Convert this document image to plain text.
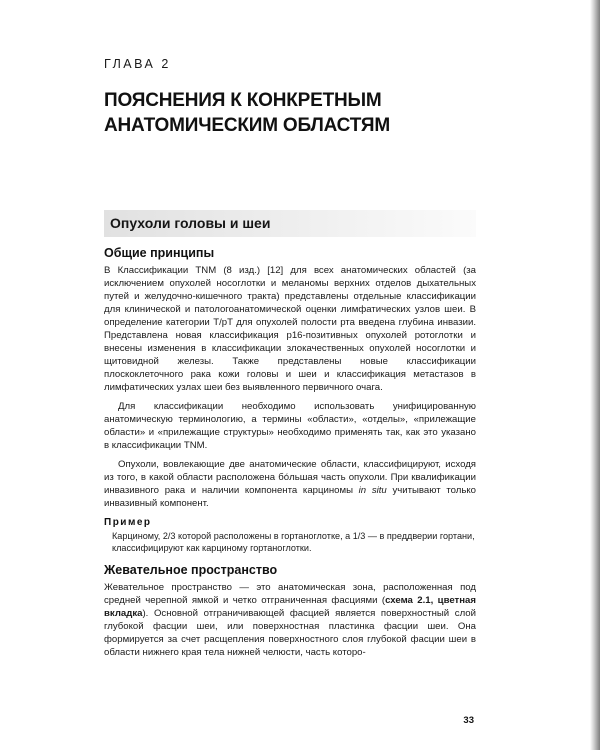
ГЛАВА 2
ПОЯСНЕНИЯ К КОНКРЕТНЫМ АНАТОМИЧЕСКИМ ОБЛАСТЯМ
Опухоли головы и шеи
Общие принципы

В Классификации TNM (8 изд.) [12] для всех анатомических областей (за исключением опухолей носоглотки и меланомы верхних отделов дыхательных путей и желудочно-кишечного тракта) представлены отдельные классификации для клинической и патологоанатомической оценки лимфатических узлов шеи. В определение категории T/pT для опухолей полости рта введена глубина инвазии. Представлена новая классификация p16-позитивных опухолей ротоглотки и внесены изменения в классификации злокачественных опухолей носоглотки и щитовидной железы. Также представлены новые классификации плоскоклеточного рака кожи головы и шеи и классификация метастазов в лимфатических узлах шеи без выявленного первичного очага.

Для классификации необходимо использовать унифицированную анатомическую терминологию, а термины «области», «отделы», «прилежащие области» и «прилежащие структуры» необходимо применять так, как это указано в классификации TNM.

Опухоли, вовлекающие две анатомические области, классифицируют, исходя из того, в какой области расположена бóльшая часть опухоли. При квалификации инвазивного рака и наличии компонента карциномы in situ учитывают только инвазивный компонент.

Пример

Карциному, 2/3 которой расположены в гортаноглотке, а 1/3 — в преддверии гортани, классифицируют как карциному гортаноглотки.

Жевательное пространство

Жевательное пространство — это анатомическая зона, расположенная под средней черепной ямкой и четко отграниченная фасциями (схема 2.1, цветная вкладка). Основной отграничивающей фасцией является поверхностный слой глубокой фасции шеи, или поверхностная пластинка фасции шеи. Она формируется за счет расщепления поверхностного слоя глубокой фасции шеи в области нижнего края тела нижней челюсти, часть которо-

33
